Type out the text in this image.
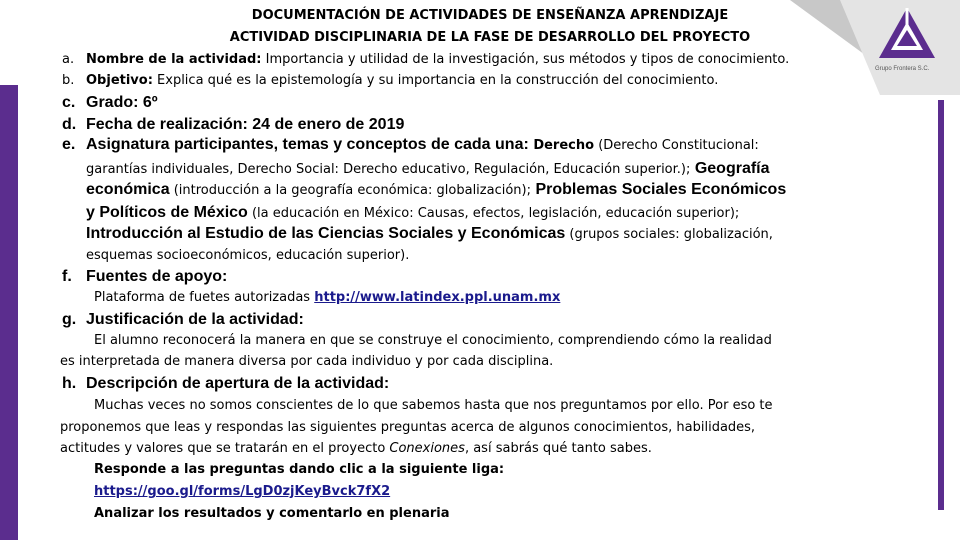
Grupo Frontera S.C.
DOCUMENTACIÓN DE ACTIVIDADES DE ENSEÑANZA APRENDIZAJE
ACTIVIDAD DISCIPLINARIA DE LA FASE DE DESARROLLO DEL PROYECTO
a. Nombre de la actividad: Importancia y utilidad de la investigación, sus métodos y tipos de conocimiento.
b. Objetivo: Explica qué es la epistemología y su importancia en la construcción del conocimiento.
c. Grado: 6º
d. Fecha de realización: 24 de enero de 2019
e. Asignatura participantes, temas y conceptos de cada una: Derecho (Derecho Constitucional:
garantías individuales, Derecho Social: Derecho educativo, Regulación, Educación superior.); Geografía
económica (introducción a la geografía económica: globalización); Problemas Sociales Económicos
y Políticos de México (la educación en México: Causas, efectos, legislación, educación superior);
Introducción al Estudio de las Ciencias Sociales y Económicas (grupos sociales: globalización,
esquemas socioeconómicos, educación superior).
f. Fuentes de apoyo:
Plataforma de fuetes autorizadas http://www.latindex.ppl.unam.mx
g. Justificación de la actividad:
El alumno reconocerá la manera en que se construye el conocimiento, comprendiendo cómo la realidad
es interpretada de manera diversa por cada individuo y por cada disciplina.
h. Descripción de apertura de la actividad:
Muchas veces no somos conscientes de lo que sabemos hasta que nos preguntamos por ello. Por eso te
proponemos que leas y respondas las siguientes preguntas acerca de algunos conocimientos, habilidades,
actitudes y valores que se tratarán en el proyecto Conexiones, así sabrás qué tanto sabes.
Responde a las preguntas dando clic a la siguiente liga:
https://goo.gl/forms/LgD0zjKeyBvck7fX2
Analizar los resultados y comentarlo en plenaria
